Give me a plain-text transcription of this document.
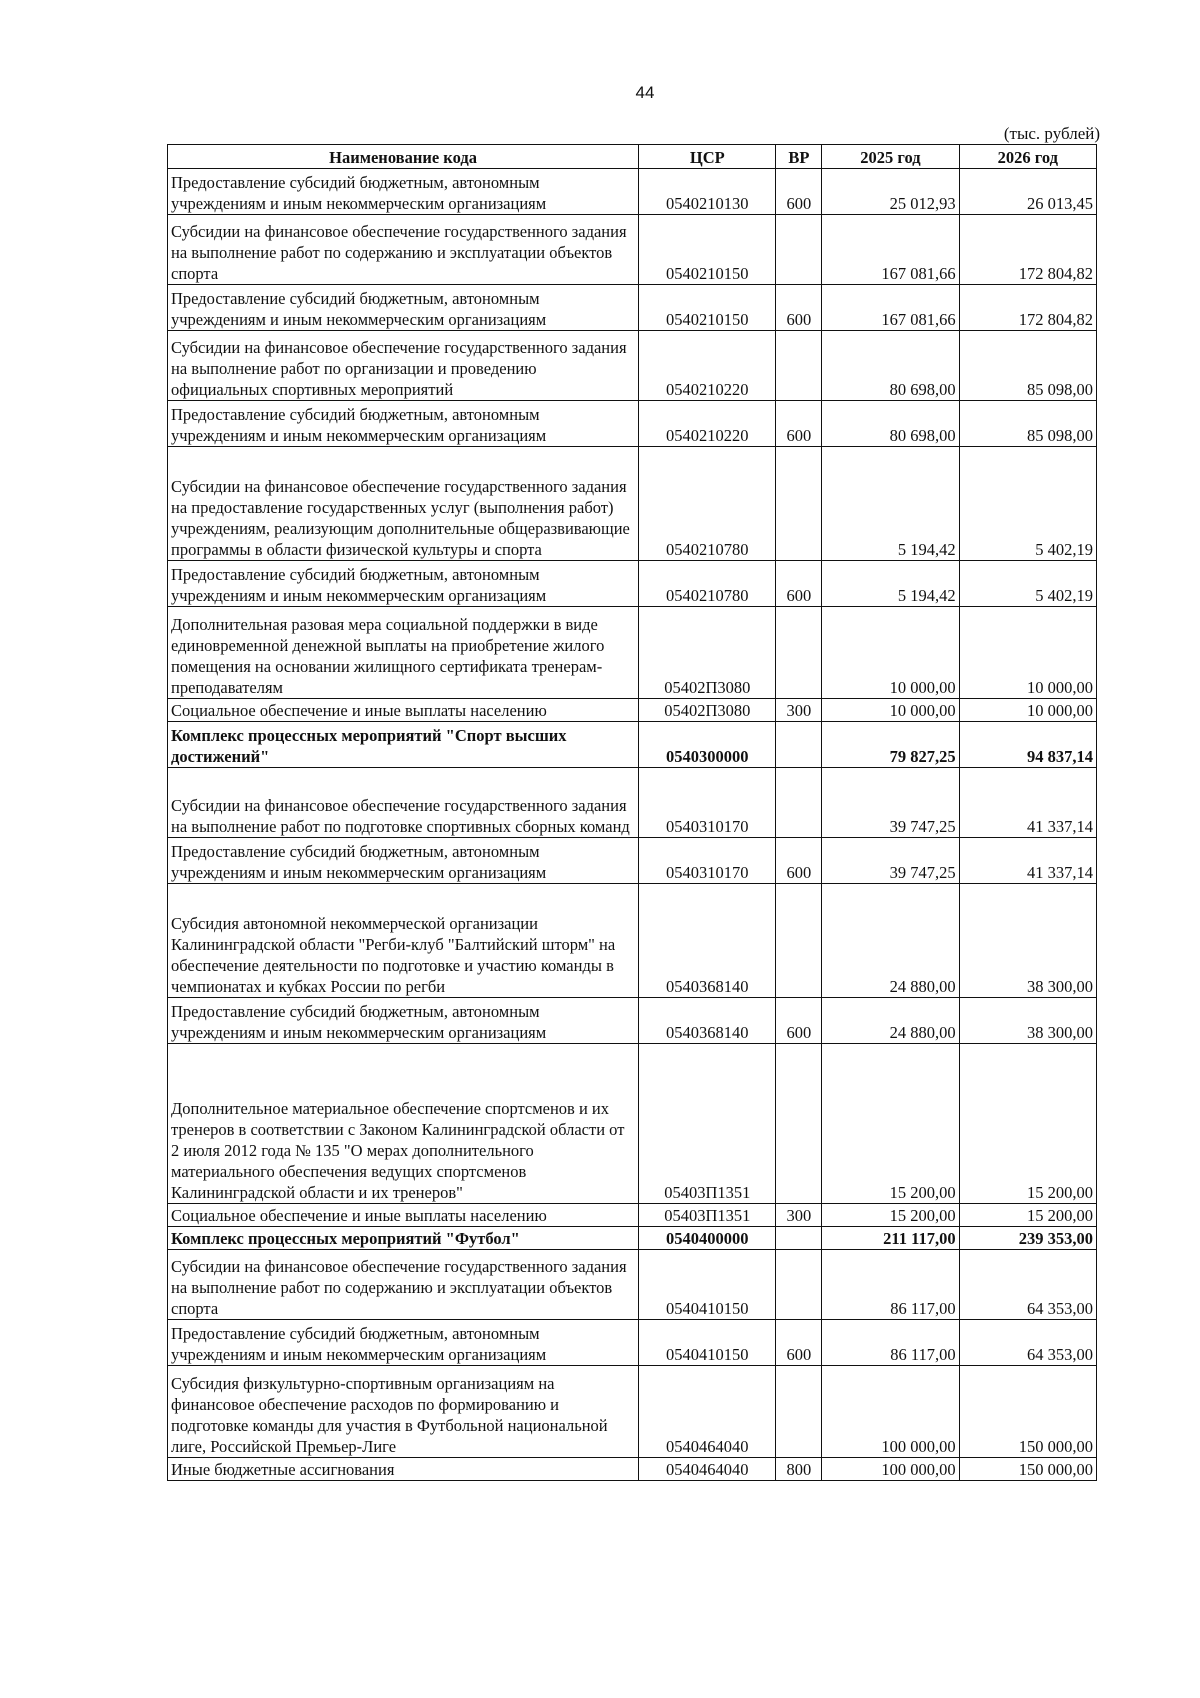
44
(тыс. рублей)
Наименование кода	ЦСР	ВР	2025 год	2026 год
Предоставление субсидий бюджетным, автономным учреждениям и иным некоммерческим организациям	0540210130	600	25 012,93	26 013,45
Субсидии на финансовое обеспечение государственного задания на выполнение работ по содержанию и эксплуатации объектов спорта	0540210150		167 081,66	172 804,82
Предоставление субсидий бюджетным, автономным учреждениям и иным некоммерческим организациям	0540210150	600	167 081,66	172 804,82
Субсидии на финансовое обеспечение государственного задания на выполнение работ по организации и проведению официальных спортивных мероприятий	0540210220		80 698,00	85 098,00
Предоставление субсидий бюджетным, автономным учреждениям и иным некоммерческим организациям	0540210220	600	80 698,00	85 098,00
Субсидии на финансовое обеспечение государственного задания на предоставление государственных услуг (выполнения работ) учреждениям, реализующим дополнительные общеразвивающие программы в области физической культуры и спорта	0540210780		5 194,42	5 402,19
Предоставление субсидий бюджетным, автономным учреждениям и иным некоммерческим организациям	0540210780	600	5 194,42	5 402,19
Дополнительная разовая мера социальной поддержки в виде единовременной денежной выплаты на приобретение жилого помещения на основании жилищного сертификата тренерам-преподавателям	05402П3080		10 000,00	10 000,00
Социальное обеспечение и иные выплаты населению	05402П3080	300	10 000,00	10 000,00
Комплекс процессных мероприятий "Спорт высших достижений"	0540300000		79 827,25	94 837,14
Субсидии на финансовое обеспечение государственного задания на выполнение работ по подготовке спортивных сборных команд	0540310170		39 747,25	41 337,14
Предоставление субсидий бюджетным, автономным учреждениям и иным некоммерческим организациям	0540310170	600	39 747,25	41 337,14
Субсидия автономной некоммерческой организации Калининградской области "Регби-клуб "Балтийский шторм" на обеспечение деятельности по подготовке и участию команды в чемпионатах и кубках России по регби	0540368140		24 880,00	38 300,00
Предоставление субсидий бюджетным, автономным учреждениям и иным некоммерческим организациям	0540368140	600	24 880,00	38 300,00
Дополнительное материальное обеспечение спортсменов и их тренеров в соответствии с Законом Калининградской области от 2 июля 2012 года № 135 "О мерах дополнительного материального обеспечения ведущих спортсменов Калининградской области и их тренеров"	05403П1351		15 200,00	15 200,00
Социальное обеспечение и иные выплаты населению	05403П1351	300	15 200,00	15 200,00
Комплекс процессных мероприятий "Футбол"	0540400000		211 117,00	239 353,00
Субсидии на финансовое обеспечение государственного задания на выполнение работ по содержанию и эксплуатации объектов спорта	0540410150		86 117,00	64 353,00
Предоставление субсидий бюджетным, автономным учреждениям и иным некоммерческим организациям	0540410150	600	86 117,00	64 353,00
Субсидия физкультурно-спортивным организациям на финансовое обеспечение расходов по формированию и подготовке команды для участия в Футбольной национальной лиге, Российской Премьер-Лиге	0540464040		100 000,00	150 000,00
Иные бюджетные ассигнования	0540464040	800	100 000,00	150 000,00
